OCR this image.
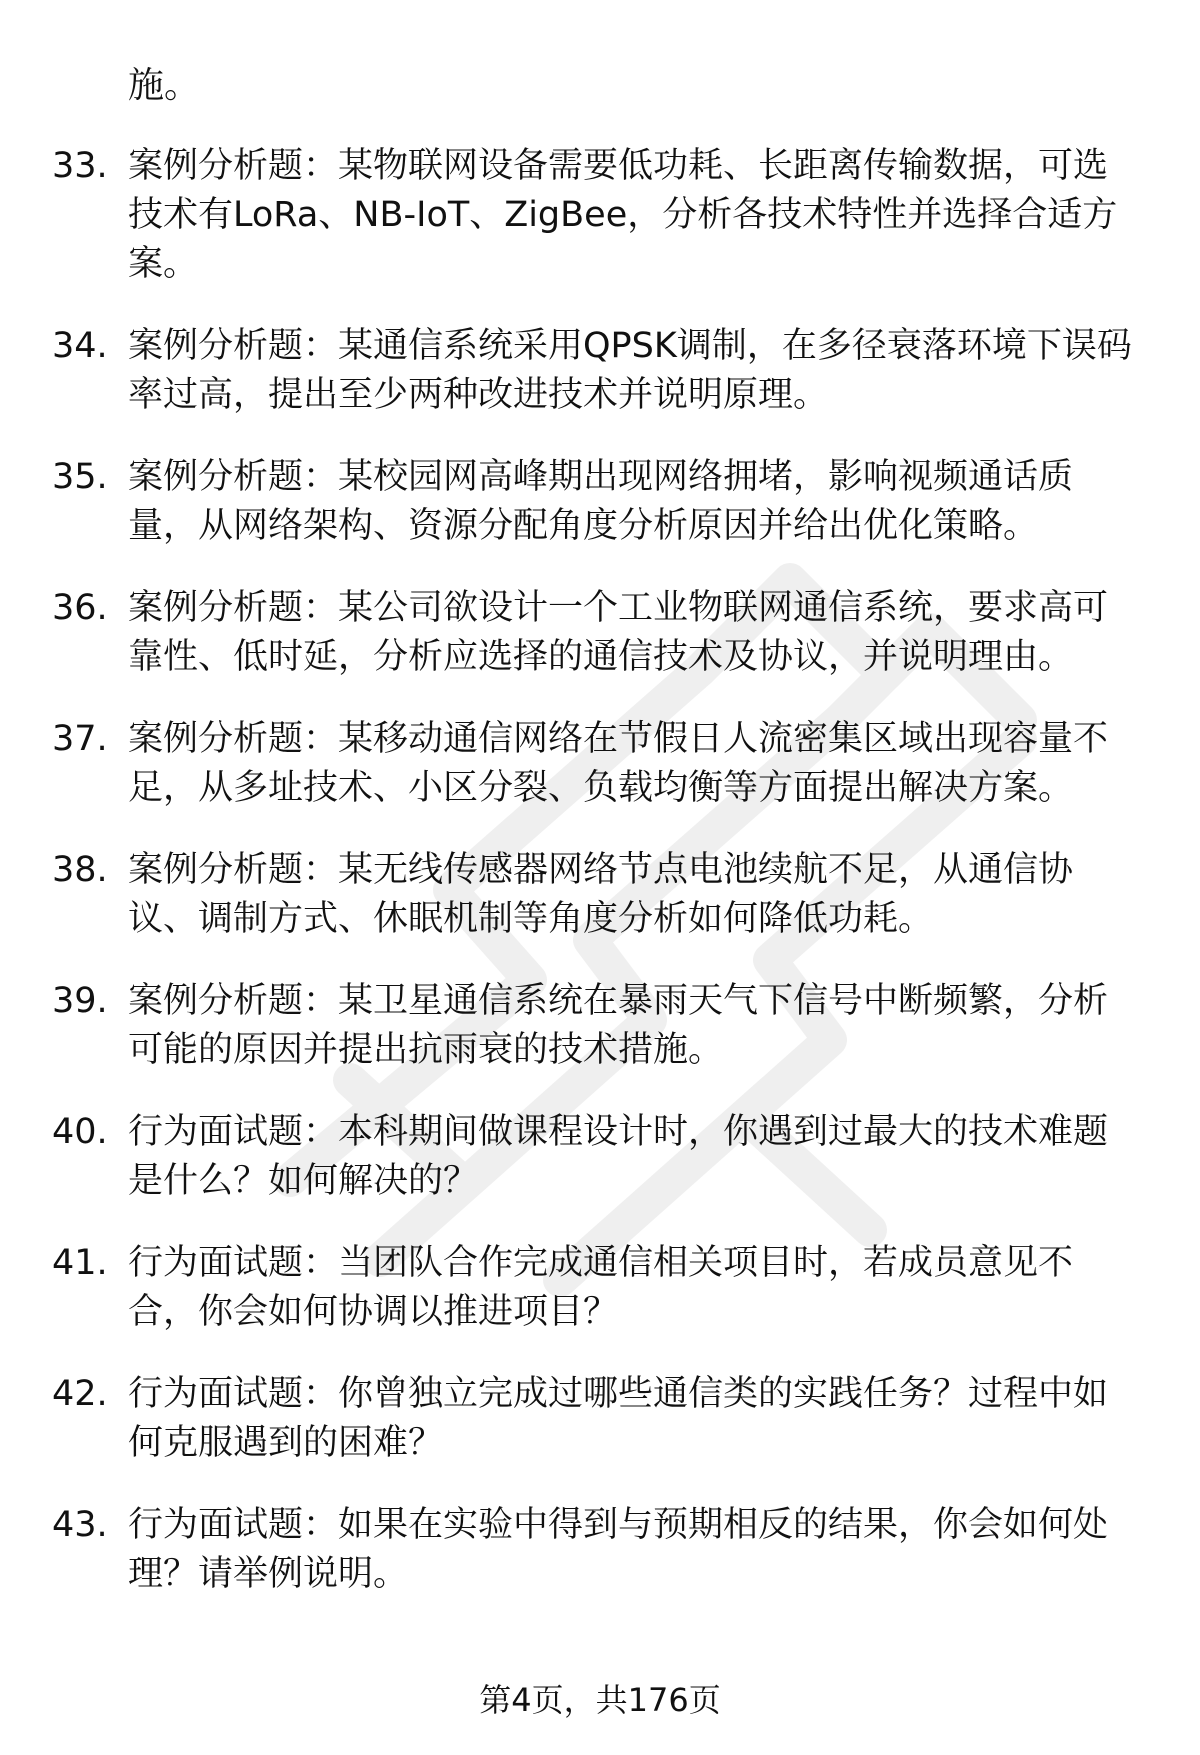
施。
33. 案例分析题：某物联网设备需要低功耗、长距离传输数据，可选技术有LoRa、NB-IoT、ZigBee，分析各技术特性并选择合适方案。
34. 案例分析题：某通信系统采用QPSK调制，在多径衰落环境下误码率过高，提出至少两种改进技术并说明原理。
35. 案例分析题：某校园网高峰期出现网络拥堵，影响视频通话质量，从网络架构、资源分配角度分析原因并给出优化策略。
36. 案例分析题：某公司欲设计一个工业物联网通信系统，要求高可靠性、低时延，分析应选择的通信技术及协议，并说明理由。
37. 案例分析题：某移动通信网络在节假日人流密集区域出现容量不足，从多址技术、小区分裂、负载均衡等方面提出解决方案。
38. 案例分析题：某无线传感器网络节点电池续航不足，从通信协议、调制方式、休眠机制等角度分析如何降低功耗。
39. 案例分析题：某卫星通信系统在暴雨天气下信号中断频繁，分析可能的原因并提出抗雨衰的技术措施。
40. 行为面试题：本科期间做课程设计时，你遇到过最大的技术难题是什么？如何解决的？
41. 行为面试题：当团队合作完成通信相关项目时，若成员意见不合，你会如何协调以推进项目？
42. 行为面试题：你曾独立完成过哪些通信类的实践任务？过程中如何克服遇到的困难？
43. 行为面试题：如果在实验中得到与预期相反的结果，你会如何处理？请举例说明。
第4页，共176页
